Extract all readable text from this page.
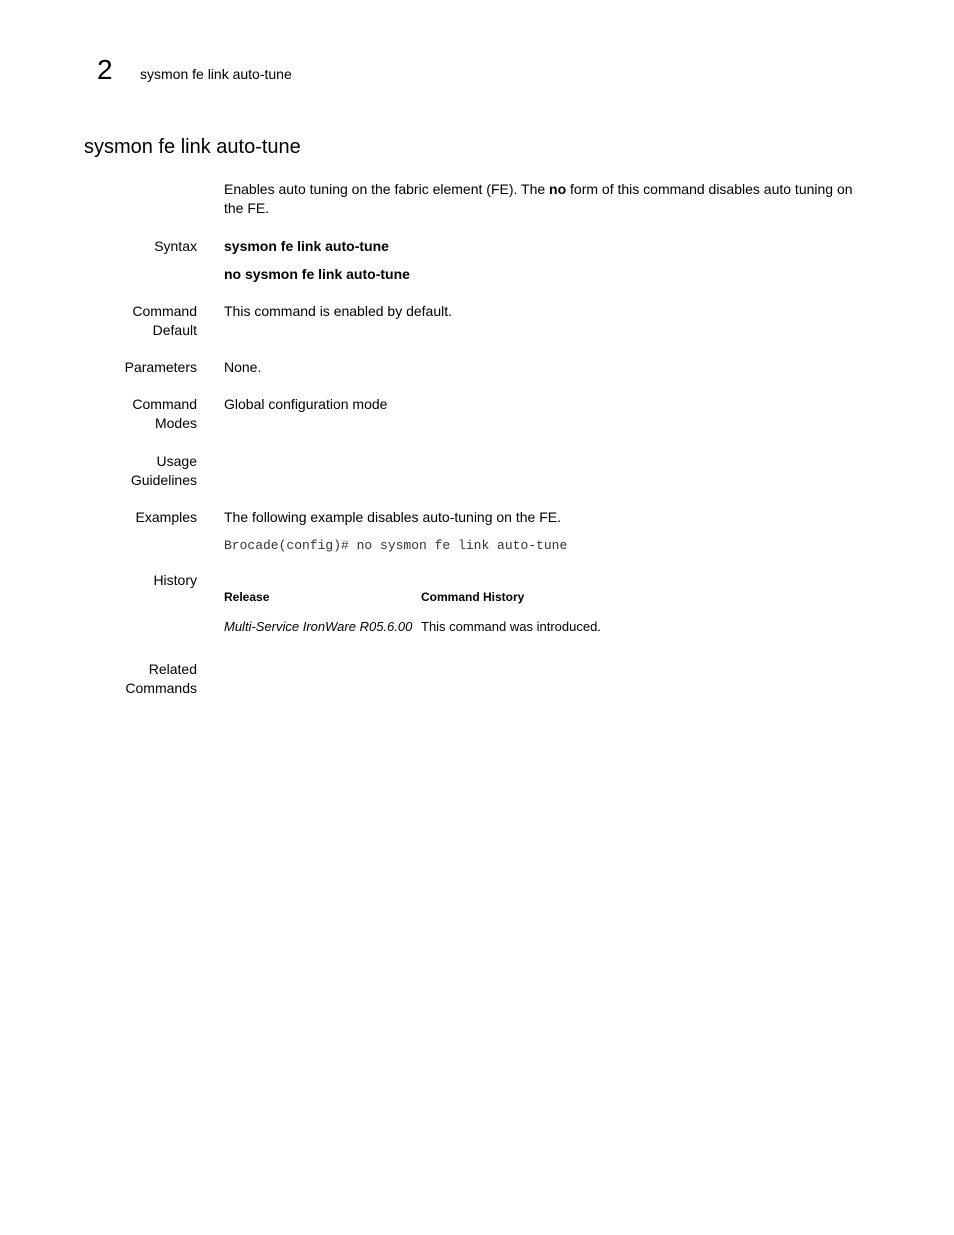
2 sysmon fe link auto-tune
sysmon fe link auto-tune
Enables auto tuning on the fabric element (FE). The no form of this command disables auto tuning on the FE.
Syntax sysmon fe link auto-tune
no sysmon fe link auto-tune
Command
Default
This command is enabled by default.
Parameters None.
Command
Modes
Global configuration mode
Usage
Guidelines
Examples The following example disables auto-tuning on the FE.
Brocade(config)# no sysmon fe link auto-tune
History
Release	Command History
Multi-Service IronWare R05.6.00 This command was introduced.
Related
Commands
